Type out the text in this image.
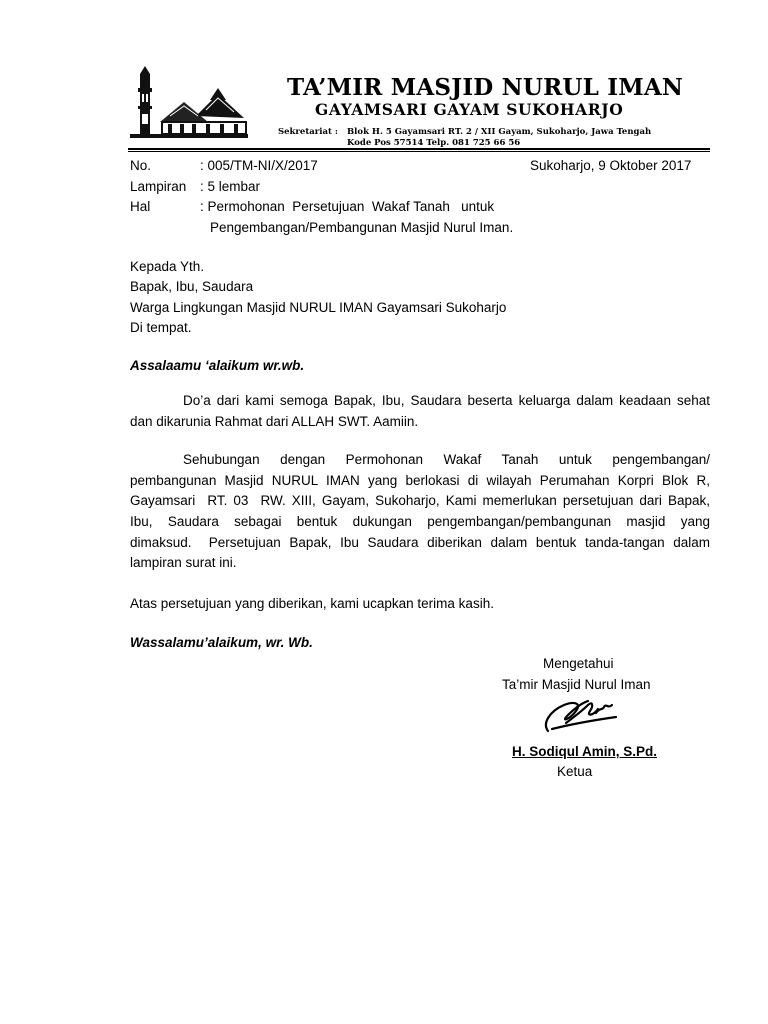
TA’MIR MASJID NURUL IMAN
GAYAMSARI GAYAM SUKOHARJO
Sekretariat : Blok H. 5 Gayamsari RT. 2 / XII Gayam, Sukoharjo, Jawa Tengah
Kode Pos 57514 Telp. 081 725 66 56
No.	: 005/TM-NI/X/2017	Sukoharjo, 9 Oktober 2017
Lampiran : 5 lembar
Hal	: Permohonan  Persetujuan  Wakaf Tanah   untuk
Pengembangan/Pembangunan Masjid Nurul Iman.
Kepada Yth.
Bapak, Ibu, Saudara
Warga Lingkungan Masjid NURUL IMAN Gayamsari Sukoharjo
Di tempat.
Assalaamu ‘alaikum wr.wb.
Do’a dari kami semoga Bapak, Ibu, Saudara beserta keluarga dalam keadaan sehat
dan dikarunia Rahmat dari ALLAH SWT. Aamiin.
Sehubungan  dengan  Permohonan  Wakaf  Tanah  untuk  pengembangan/
pembangunan Masjid NURUL IMAN yang berlokasi di wilayah Perumahan Korpri Blok R,
Gayamsari  RT. 03  RW. XIII, Gayam, Sukoharjo, Kami memerlukan persetujuan dari Bapak,
Ibu,  Saudara  sebagai  bentuk  dukungan  pengembangan/pembangunan  masjid  yang
dimaksud.  Persetujuan Bapak, Ibu Saudara diberikan dalam bentuk tanda-tangan dalam
lampiran surat ini.
Atas persetujuan yang diberikan, kami ucapkan terima kasih.
Wassalamu’alaikum, wr. Wb.
Mengetahui
Ta’mir Masjid Nurul Iman
H. Sodiqul Amin, S.Pd.
Ketua
